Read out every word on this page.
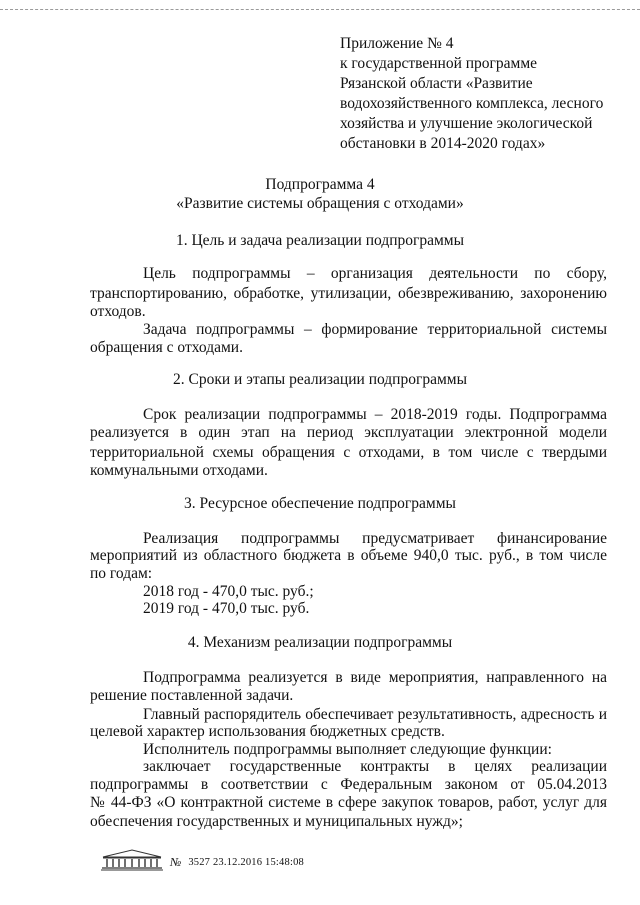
Приложение № 4
к государственной программе
Рязанской области «Развитие
водохозяйственного комплекса, лесного
хозяйства и улучшение экологической
обстановки в 2014-2020 годах»
Подпрограмма 4
«Развитие системы обращения с отходами»
1. Цель и задача реализации подпрограммы
Цель подпрограммы – организация деятельности по сбору,
транспортированию, обработке, утилизации, обезвреживанию, захоронению
отходов.
Задача подпрограммы – формирование территориальной системы
обращения с отходами.
2. Сроки и этапы реализации подпрограммы
Срок реализации подпрограммы – 2018-2019 годы. Подпрограмма
реализуется в один этап на период эксплуатации электронной модели
территориальной схемы обращения с отходами, в том числе с твердыми
коммунальными отходами.
3. Ресурсное обеспечение подпрограммы
Реализация подпрограммы предусматривает финансирование
мероприятий из областного бюджета в объеме 940,0 тыс. руб., в том числе
по годам:
2018 год - 470,0 тыс. руб.;
2019 год - 470,0 тыс. руб.
4. Механизм реализации подпрограммы
Подпрограмма реализуется в виде мероприятия, направленного на
решение поставленной задачи.
Главный распорядитель обеспечивает результативность, адресность и
целевой характер использования бюджетных средств.
Исполнитель подпрограммы выполняет следующие функции:
заключает государственные контракты в целях реализации
подпрограммы в соответствии с Федеральным законом от 05.04.2013
№ 44-ФЗ «О контрактной системе в сфере закупок товаров, работ, услуг для
обеспечения государственных и муниципальных нужд»;
№ 3527 23.12.2016 15:48:08
